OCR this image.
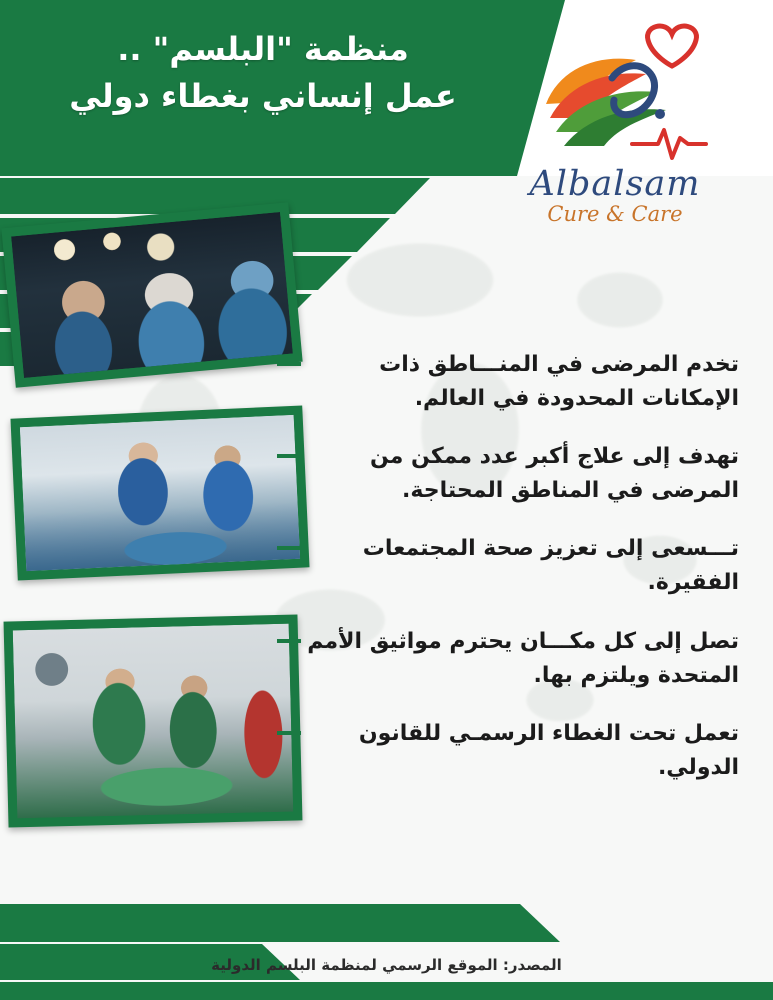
منظمة "البلسم" ..
عمل إنساني بغطاء دولي
Albalsam
Cure & Care
تخدم المرضى في المنـــاطق ذات الإمكانات المحدودة في العالم.
تهدف إلى علاج أكبر عدد ممكن من المرضى في المناطق المحتاجة.
تـــسعى إلى تعزيز صحة المجتمعات الفقيرة.
تصل إلى كل مكـــان يحترم مواثيق الأمم المتحدة ويلتزم بها.
تعمل تحت الغطاء الرسمـي للقانون الدولي.
المصدر: الموقع الرسمي لمنظمة البلسم الدولية
